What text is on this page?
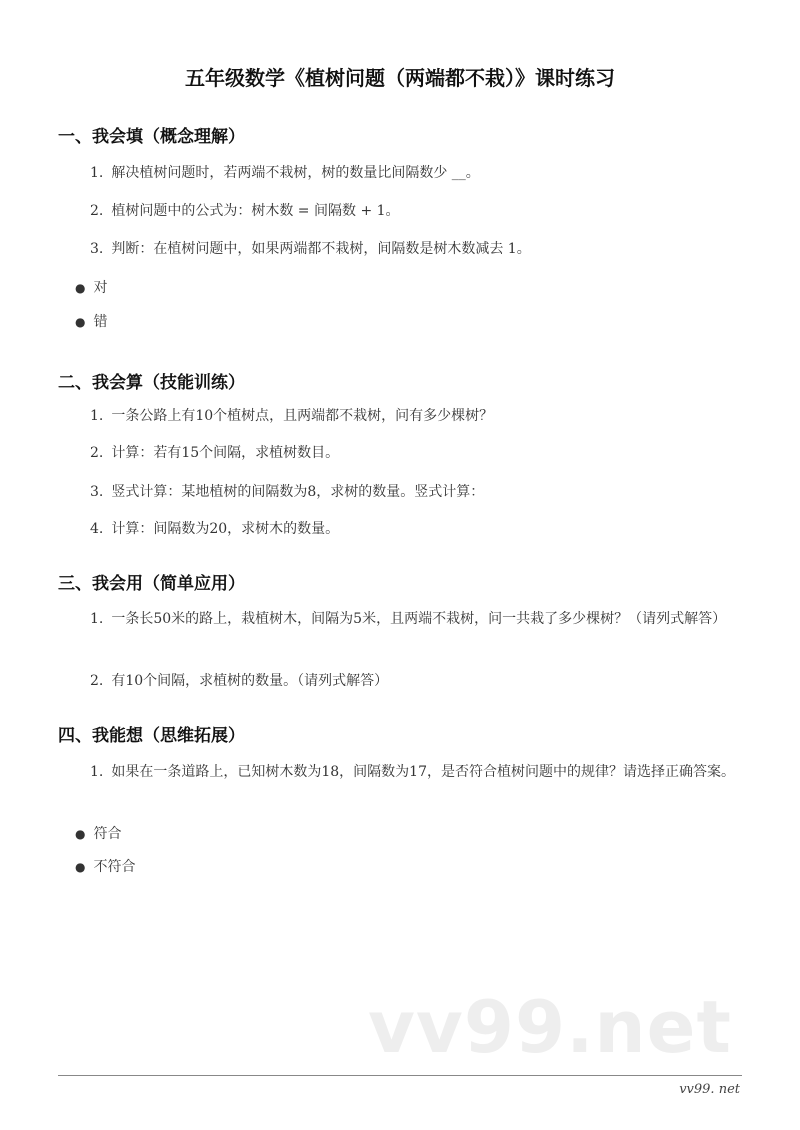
五年级数学《植树问题（两端都不栽）》课时练习
一、我会填（概念理解）

1. 解决植树问题时，若两端不栽树，树的数量比间隔数少 __。

2. 植树问题中的公式为：树木数 = 间隔数 + 1。

3. 判断：在植树问题中，如果两端都不栽树，间隔数是树木数减去 1。

● 对

● 错

二、我会算（技能训练）

1. 一条公路上有10个植树点，且两端都不栽树，问有多少棵树？

2. 计算：若有15个间隔，求植树数目。

3. 竖式计算：某地植树的间隔数为8，求树的数量。竖式计算：

4. 计算：间隔数为20，求树木的数量。

三、我会用（简单应用）

1. 一条长50米的路上，栽植树木，间隔为5米，且两端不栽树，问一共栽了多少棵树？（请列式解答）

2. 有10个间隔，求植树的数量。（请列式解答）

四、我能想（思维拓展）

1. 如果在一条道路上，已知树木数为18，间隔数为17，是否符合植树问题中的规律？请选择正确答案。

● 符合

● 不符合

vv99.net
vv99. net
